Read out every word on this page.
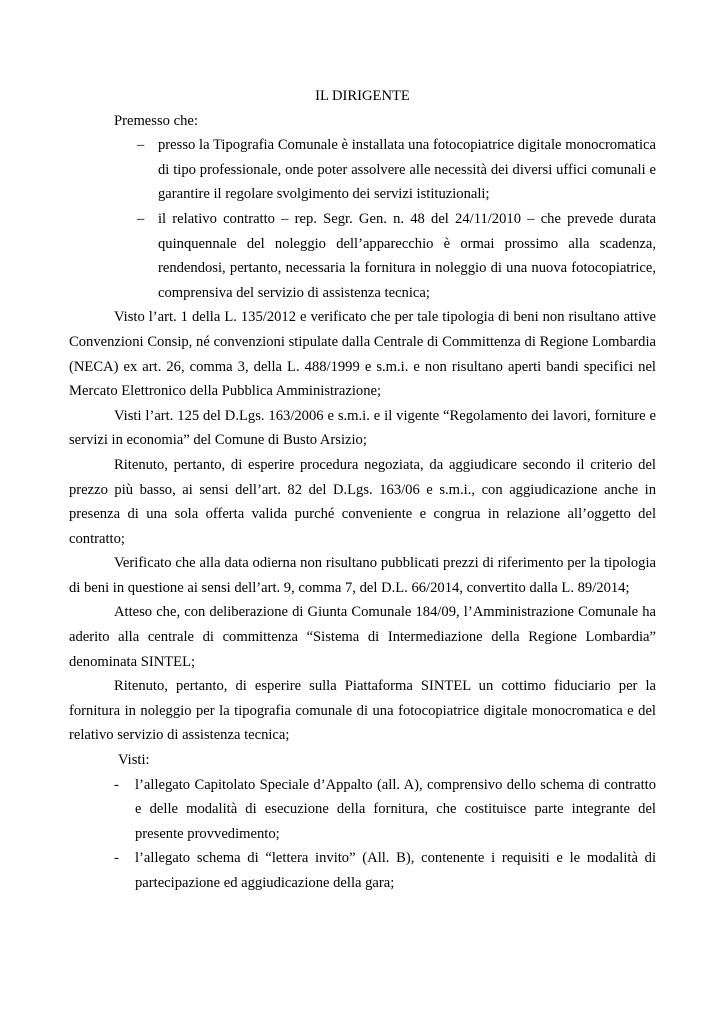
IL DIRIGENTE

Premesso che:

– presso la Tipografia Comunale è installata una fotocopiatrice digitale monocromatica di tipo professionale, onde poter assolvere alle necessità dei diversi uffici comunali e garantire il regolare svolgimento dei servizi istituzionali;
– il relativo contratto – rep. Segr. Gen. n. 48 del 24/11/2010 – che prevede durata quinquennale del noleggio dell’apparecchio è ormai prossimo alla scadenza, rendendosi, pertanto, necessaria la fornitura in noleggio di una nuova fotocopiatrice, comprensiva del servizio di assistenza tecnica;

Visto l’art. 1 della L. 135/2012 e verificato che per tale tipologia di beni non risultano attive Convenzioni Consip, né convenzioni stipulate dalla Centrale di Committenza di Regione Lombardia (NECA) ex art. 26, comma 3, della L. 488/1999 e s.m.i. e non risultano aperti bandi specifici nel Mercato Elettronico della Pubblica Amministrazione;

Visti l’art. 125 del D.Lgs. 163/2006 e s.m.i. e il vigente “Regolamento dei lavori, forniture e servizi in economia” del Comune di Busto Arsizio;

Ritenuto, pertanto, di esperire procedura negoziata, da aggiudicare secondo il criterio del prezzo più basso, ai sensi dell’art. 82 del D.Lgs. 163/06 e s.m.i., con aggiudicazione anche in presenza di una sola offerta valida purché conveniente e congrua in relazione all’oggetto del contratto;

Verificato che alla data odierna non risultano pubblicati prezzi di riferimento per la tipologia di beni in questione ai sensi dell’art. 9, comma 7, del D.L. 66/2014, convertito dalla L. 89/2014;

Atteso che, con deliberazione di Giunta Comunale 184/09, l’Amministrazione Comunale ha aderito alla centrale di committenza “Sistema di Intermediazione della Regione Lombardia” denominata SINTEL;

Ritenuto, pertanto, di esperire sulla Piattaforma SINTEL un cottimo fiduciario per la fornitura in noleggio per la tipografia comunale di una fotocopiatrice digitale monocromatica e del relativo servizio di assistenza tecnica;

Visti:

- l’allegato Capitolato Speciale d’Appalto (all. A), comprensivo dello schema di contratto e delle modalità di esecuzione della fornitura, che costituisce parte integrante del presente provvedimento;
- l’allegato schema di “lettera invito” (All. B), contenente i requisiti e le modalità di partecipazione ed aggiudicazione della gara;
